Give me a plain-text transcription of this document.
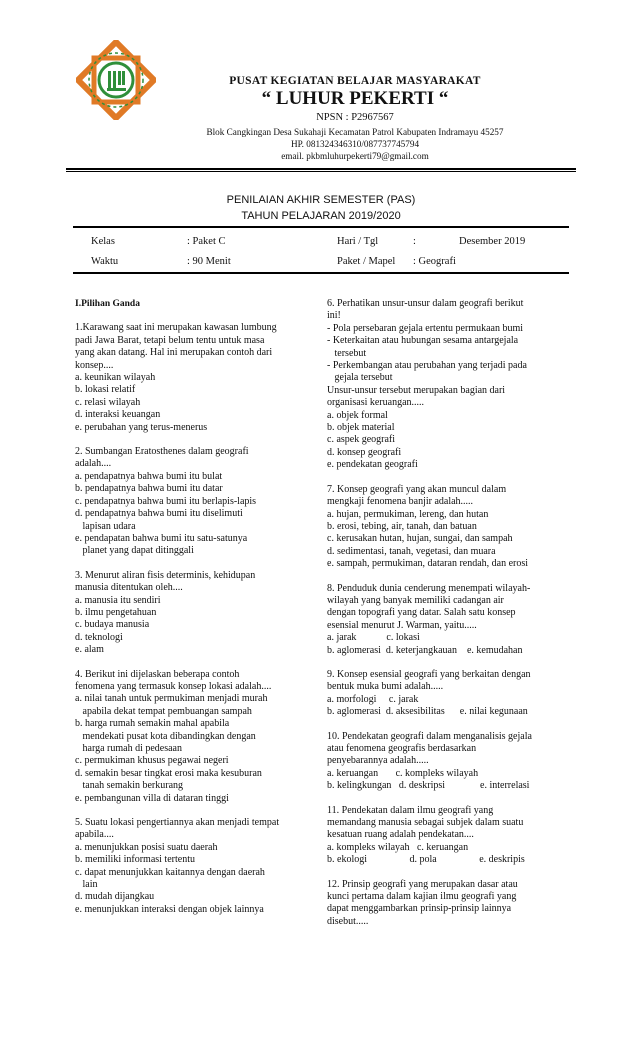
PUSAT KEGIATAN BELAJAR MASYARAKAT
“ LUHUR PEKERTI “
NPSN : P2967567
Blok Cangkingan Desa Sukahaji Kecamatan Patrol Kabupaten Indramayu 45257
HP. 081324346310/087737745794
email. pkbmluhurpekerti79@gmail.com
PENILAIAN AKHIR SEMESTER (PAS)
TAHUN PELAJARAN 2019/2020
Kelas	: Paket C	Hari / Tgl	:	Desember 2019
Waktu	: 90 Menit	Paket / Mapel : Geografi
I.Pilihan Ganda
1.Karawang saat ini merupakan kawasan lumbung
padi Jawa Barat, tetapi belum tentu untuk masa
yang akan datang. Hal ini merupakan contoh dari
konsep....
a. keunikan wilayah
b. lokasi relatif
c. relasi wilayah
d. interaksi keuangan
e. perubahan yang terus-menerus
2. Sumbangan Eratosthenes dalam geografi
adalah....
a. pendapatnya bahwa bumi itu bulat
b. pendapatnya bahwa bumi itu datar
c. pendapatnya bahwa bumi itu berlapis-lapis
d. pendapatnya bahwa bumi itu diselimuti
lapisan udara
e. pendapatan bahwa bumi itu satu-satunya
planet yang dapat ditinggali
3. Menurut aliran fisis determinis, kehidupan
manusia ditentukan oleh....
a. manusia itu sendiri
b. ilmu pengetahuan
c. budaya manusia
d. teknologi
e. alam
4. Berikut ini dijelaskan beberapa contoh
fenomena yang termasuk konsep lokasi adalah....
a. nilai tanah untuk permukiman menjadi murah
apabila dekat tempat pembuangan sampah
b. harga rumah semakin mahal apabila
mendekati pusat kota dibandingkan dengan
harga rumah di pedesaan
c. permukiman khusus pegawai negeri
d. semakin besar tingkat erosi maka kesuburan
tanah semakin berkurang
e. pembangunan villa di dataran tinggi
5. Suatu lokasi pengertiannya akan menjadi tempat
apabila....
a. menunjukkan posisi suatu daerah
b. memiliki informasi tertentu
c. dapat menunjukkan kaitannya dengan daerah
lain
d. mudah dijangkau
e. menunjukkan interaksi dengan objek lainnya
6. Perhatikan unsur-unsur dalam geografi berikut
ini!
- Pola persebaran gejala ertentu permukaan bumi
- Keterkaitan atau hubungan sesama antargejala
tersebut
- Perkembangan atau perubahan yang terjadi pada
gejala tersebut
Unsur-unsur tersebut merupakan bagian dari
organisasi keruangan.....
a. objek formal
b. objek material
c. aspek geografi
d. konsep geografi
e. pendekatan geografi
7. Konsep geografi yang akan muncul dalam
mengkaji fenomena banjir adalah.....
a. hujan, permukiman, lereng, dan hutan
b. erosi, tebing, air, tanah, dan batuan
c. kerusakan hutan, hujan, sungai, dan sampah
d. sedimentasi, tanah, vegetasi, dan muara
e. sampah, permukiman, dataran rendah, dan erosi
8. Penduduk dunia cenderung menempati wilayah-
wilayah yang banyak memiliki cadangan air
dengan topografi yang datar. Salah satu konsep
esensial menurut J. Warman, yaitu.....
a. jarak            c. lokasi
b. aglomerasi  d. keterjangkauan    e. kemudahan
9. Konsep esensial geografi yang berkaitan dengan
bentuk muka bumi adalah.....
a. morfologi     c. jarak
b. aglomerasi  d. aksesibilitas      e. nilai kegunaan
10. Pendekatan geografi dalam menganalisis gejala
atau fenomena geografis berdasarkan
penyebarannya adalah.....
a. keruangan       c. kompleks wilayah
b. kelingkungan   d. deskripsi              e. interrelasi
11. Pendekatan dalam ilmu geografi yang
memandang manusia sebagai subjek dalam suatu
kesatuan ruang adalah pendekatan....
a. kompleks wilayah   c. keruangan
b. ekologi                 d. pola                 e. deskripis
12. Prinsip geografi yang merupakan dasar atau
kunci pertama dalam kajian ilmu geografi yang
dapat menggambarkan prinsip-prinsip lainnya
disebut.....
